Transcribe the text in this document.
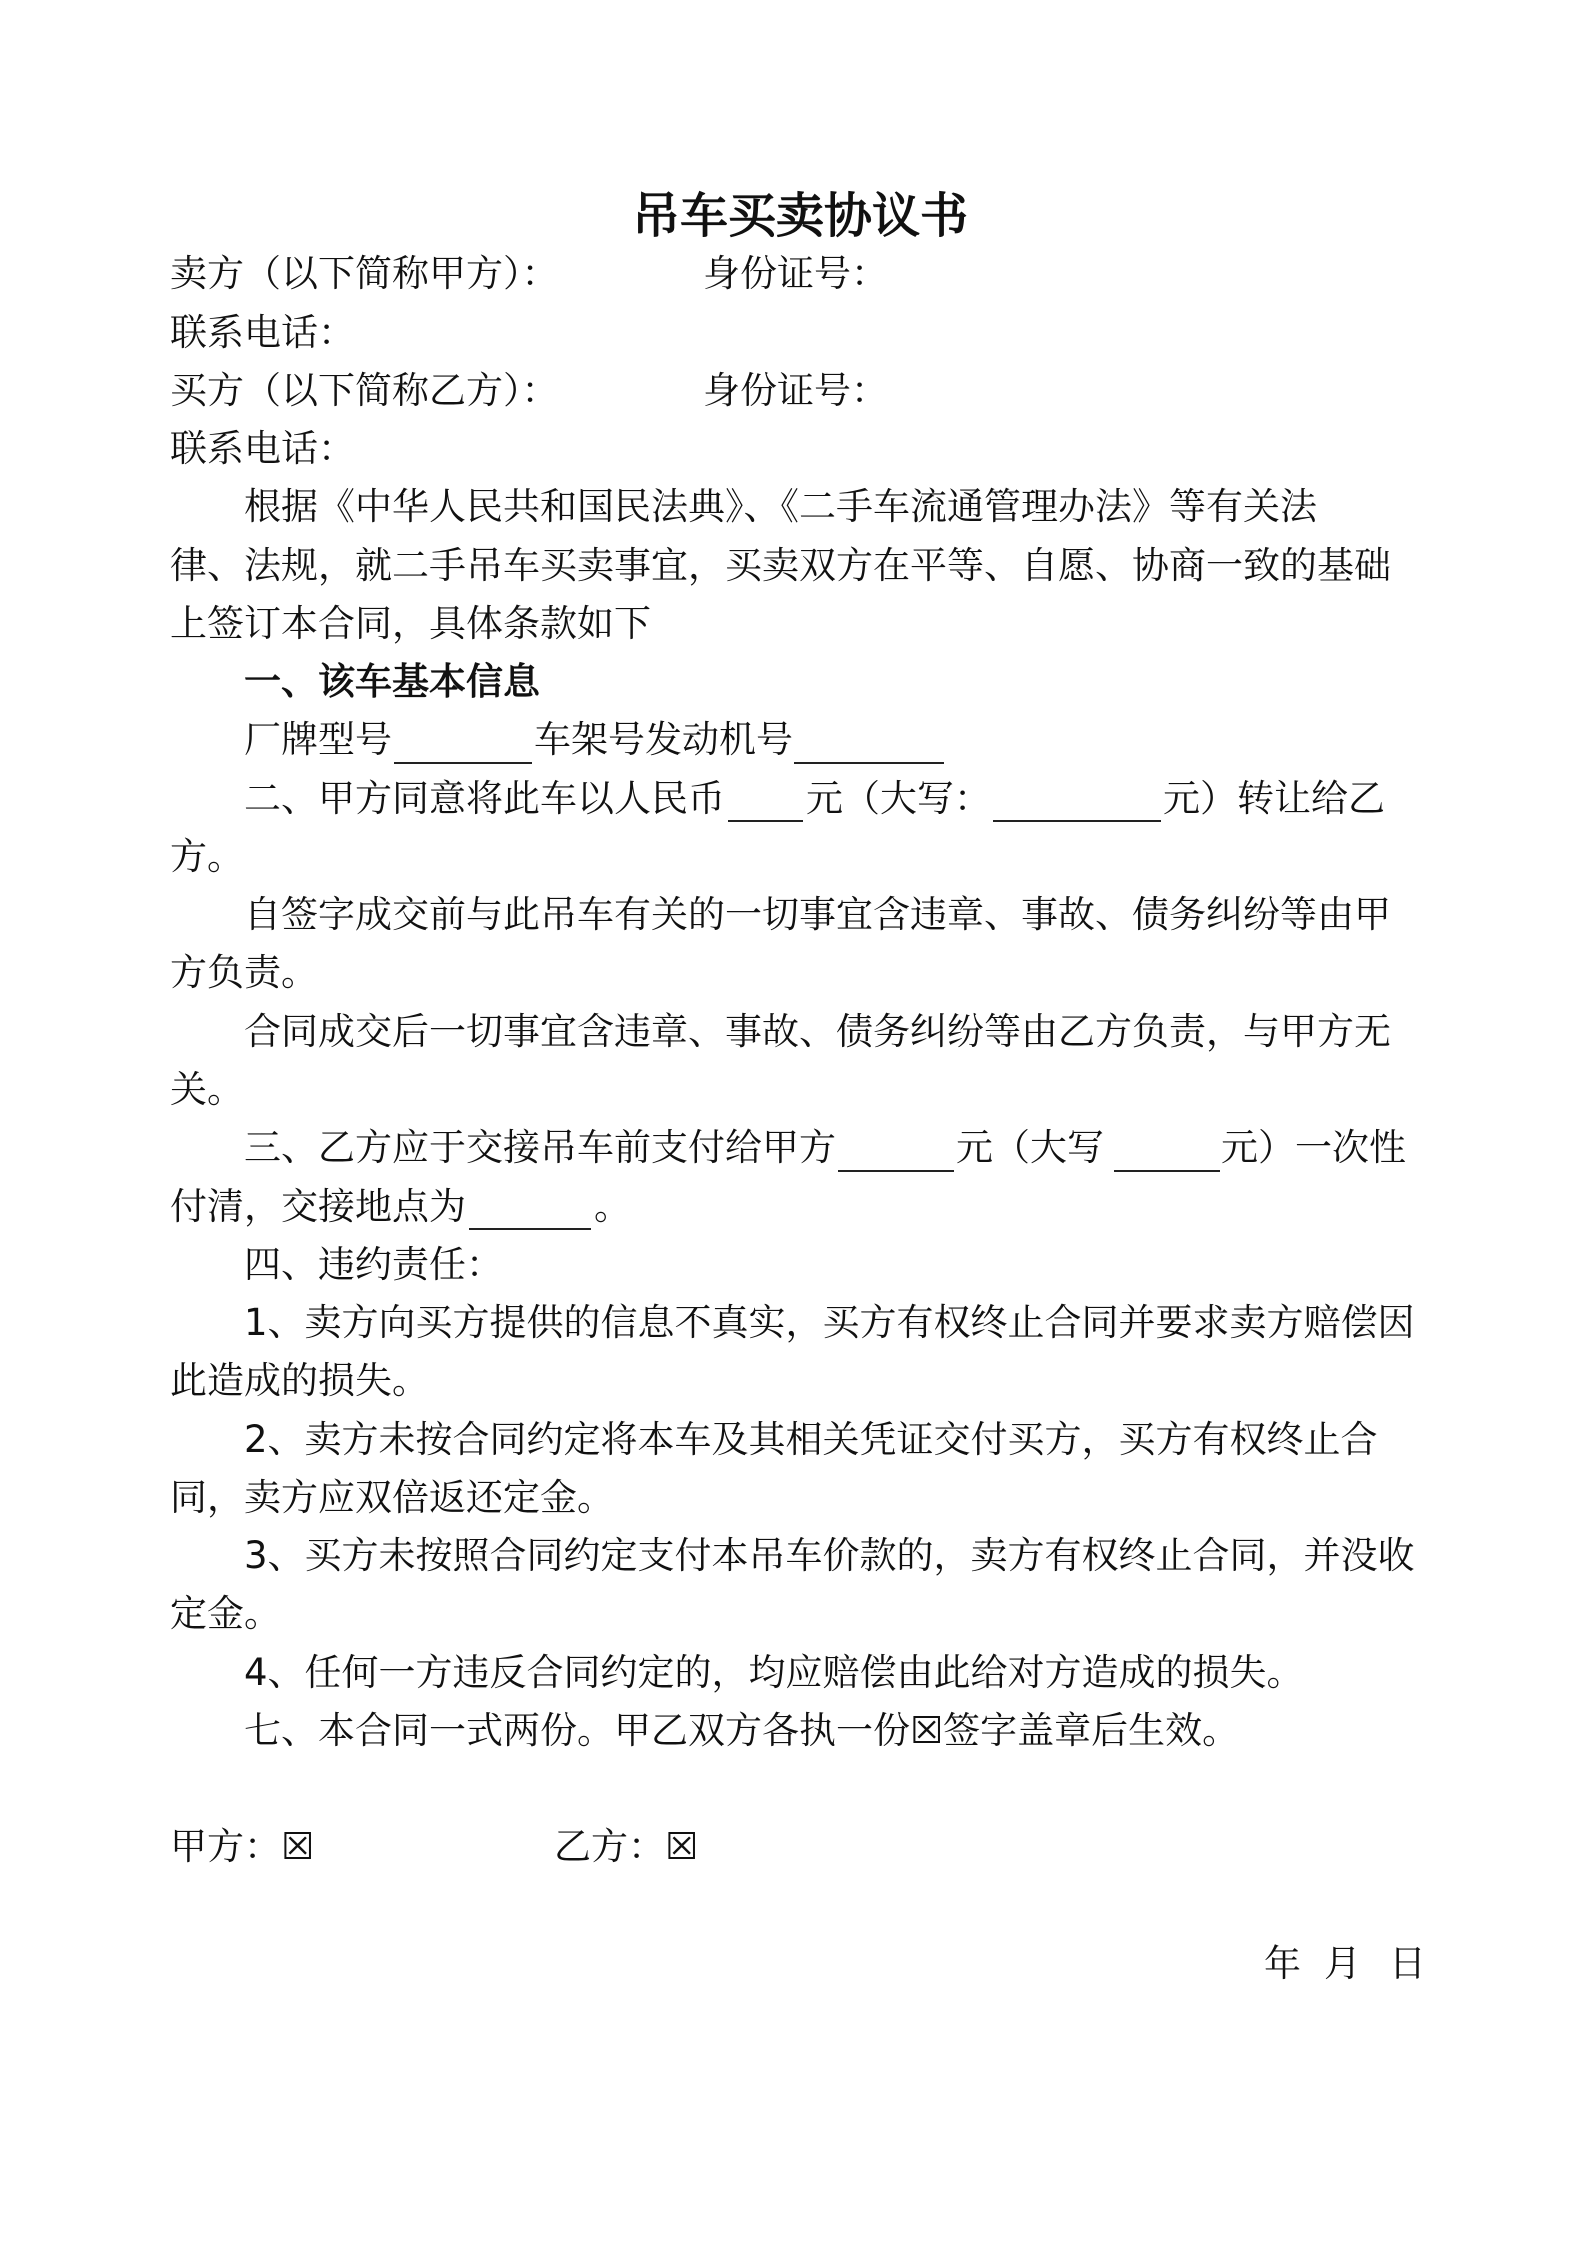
吊车买卖协议书
卖方（以下简称甲方）：	身份证号：
联系电话：
买方（以下简称乙方）：	身份证号：
联系电话：
根据《中华人民共和国民法典》、《二手车流通管理办法》等有关法
律、法规，就二手吊车买卖事宜，买卖双方在平等、自愿、协商一致的基础
上签订本合同，具体条款如下
一、该车基本信息
厂牌型号	车架号发动机号
二、甲方同意将此车以人民币 元（大写：	元）转让给乙
方。
自签字成交前与此吊车有关的一切事宜含违章、事故、债务纠纷等由甲
方负责。
合同成交后一切事宜含违章、事故、债务纠纷等由乙方负责，与甲方无
关。
三、乙方应于交接吊车前支付给甲方	元（大写	元）一次性
付清，交接地点为	。
四、违约责任：
1、卖方向买方提供的信息不真实，买方有权终止合同并要求卖方赔偿因
此造成的损失。
2、卖方未按合同约定将本车及其相关凭证交付买方，买方有权终止合
同，卖方应双倍返还定金。
3、买方未按照合同约定支付本吊车价款的，卖方有权终止合同，并没收
定金。
4、任何一方违反合同约定的，均应赔偿由此给对方造成的损失。
七、本合同一式两份。甲乙双方各执一份☒签字盖章后生效。
甲方：☒	乙方：☒
年 月 日
